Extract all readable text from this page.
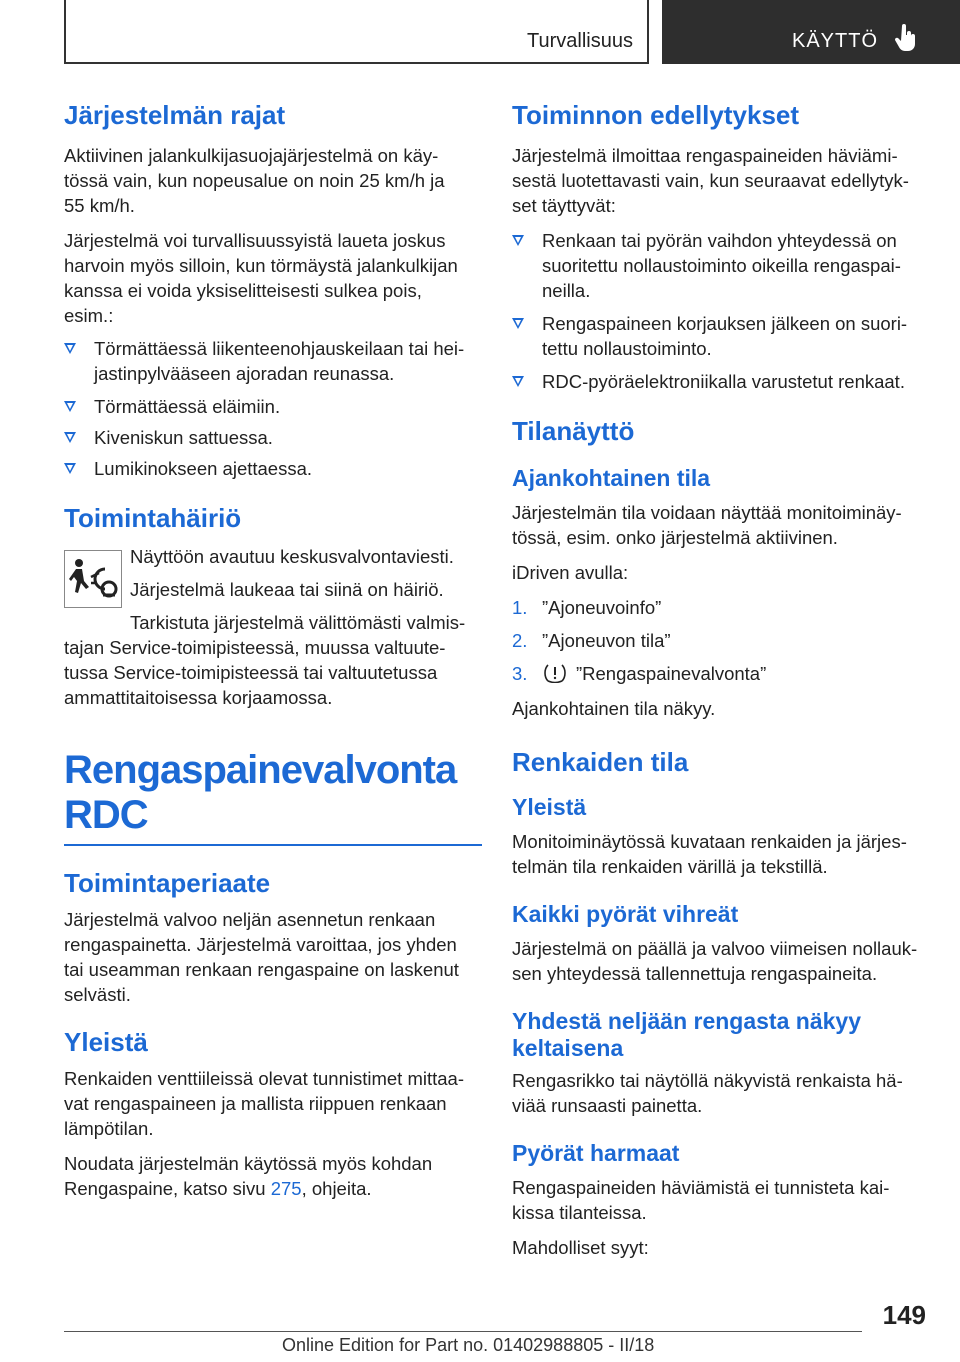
Turvallisuus	KÄYTTÖ
Järjestelmän rajat

Aktiivinen jalankulkijasuojajärjestelmä on käy-

tössä vain, kun nopeusalue on noin 25 km/h ja

55 km/h.

Järjestelmä voi turvallisuussyistä laueta joskus

harvoin myös silloin, kun törmäystä jalankulkijan

kanssa ei voida yksiselitteisesti sulkea pois,

esim.:

Törmättäessä liikenteenohjauskeilaan tai hei-
jastinpylvääseen ajoradan reunassa.
Törmättäessä eläimiin.
Kiveniskun sattuessa.
Lumikinokseen ajettaessa.
Toimintahäiriö

Näyttöön avautuu keskusvalvontaviesti.

Järjestelmä laukeaa tai siinä on häiriö.

Tarkistuta järjestelmä välittömästi valmis-

tajan Service-toimipisteessä, muussa valtuute-

tussa Service-toimipisteessä tai valtuutetussa

ammattitaitoisessa korjaamossa.

Rengaspainevalvonta RDC
Toimintaperiaate

Järjestelmä valvoo neljän asennetun renkaan

rengaspainetta. Järjestelmä varoittaa, jos yhden

tai useamman renkaan rengaspaine on laskenut

selvästi.

Yleistä

Renkaiden venttiileissä olevat tunnistimet mittaa-

vat rengaspaineen ja mallista riippuen renkaan

lämpötilan.

Noudata järjestelmän käytössä myös kohdan

Rengaspaine, katso sivu 275, ohjeita.

Toiminnon edellytykset

Järjestelmä ilmoittaa rengaspaineiden häviämi-

sestä luotettavasti vain, kun seuraavat edellytyk-

set täyttyvät:

Renkaan tai pyörän vaihdon yhteydessä on
suoritettu nollaustoiminto oikeilla rengaspai-
neilla.
Rengaspaineen korjauksen jälkeen on suori-
tettu nollaustoiminto.
RDC-pyöräelektroniikalla varustetut renkaat.
Tilanäyttö
Ajankohtainen tila

Järjestelmän tila voidaan näyttää monitoiminäy-

tössä, esim. onko järjestelmä aktiivinen.

iDriven avulla:

1. ”Ajoneuvoinfo”
2. ”Ajoneuvon tila”
3.	”Rengaspainevalvonta”

Ajankohtainen tila näkyy.

Renkaiden tila
Yleistä

Monitoiminäytössä kuvataan renkaiden ja järjes-

telmän tila renkaiden värillä ja tekstillä.

Kaikki pyörät vihreät

Järjestelmä on päällä ja valvoo viimeisen nollauk-

sen yhteydessä tallennettuja rengaspaineita.

Yhdestä neljään rengasta näkyy
keltaisena

Rengasrikko tai näytöllä näkyvistä renkaista hä-

viää runsaasti painetta.

Pyörät harmaat

Rengaspaineiden häviämistä ei tunnisteta kai-

kissa tilanteissa.

Mahdolliset syyt:

149
Online Edition for Part no. 01402988805 - II/18
